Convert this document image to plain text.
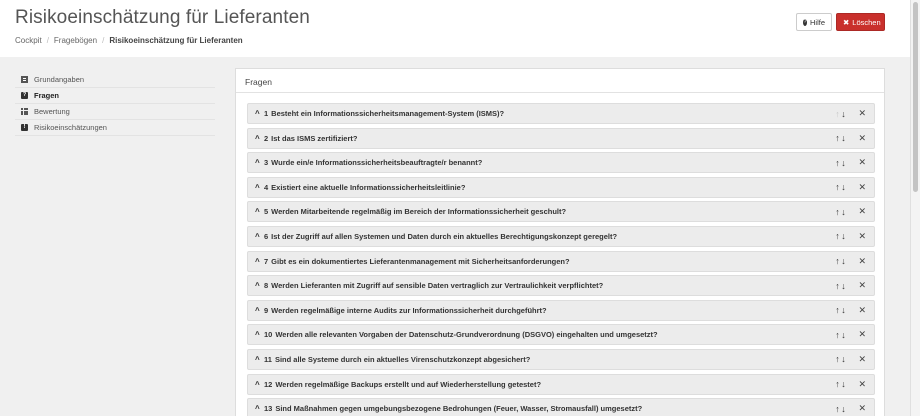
Risikoeinschätzung für Lieferanten
Cockpit / Fragebögen / Risikoeinschätzung für Lieferanten
? Hilfe ✖ Löschen
Grundangaben
? Fragen
Bewertung
!	Risikoeinschätzungen
Fragen
^ 1 Besteht ein Informationssicherheitsmanagement-System (ISMS)?	↑ ↓ ✕
^ 2 Ist das ISMS zertifiziert?	↑ ↓ ✕
^ 3 Wurde ein/e Informationssicherheitsbeauftragte/r benannt?	↑ ↓ ✕
^ 4 Existiert eine aktuelle Informationssicherheitsleitlinie?	↑ ↓ ✕
^ 5 Werden Mitarbeitende regelmäßig im Bereich der Informationssicherheit geschult?	↑ ↓ ✕
^ 6 Ist der Zugriff auf allen Systemen und Daten durch ein aktuelles Berechtigungskonzept geregelt?	↑ ↓ ✕
^ 7 Gibt es ein dokumentiertes Lieferantenmanagement mit Sicherheitsanforderungen?	↑ ↓ ✕
^ 8 Werden Lieferanten mit Zugriff auf sensible Daten vertraglich zur Vertraulichkeit verpflichtet?	↑ ↓ ✕
^ 9 Werden regelmäßige interne Audits zur Informationssicherheit durchgeführt?	↑ ↓ ✕
^ 10 Werden alle relevanten Vorgaben der Datenschutz-Grundverordnung (DSGVO) eingehalten und umgesetzt?	↑ ↓ ✕
^ 11 Sind alle Systeme durch ein aktuelles Virenschutzkonzept abgesichert?	↑ ↓ ✕
^ 12 Werden regelmäßige Backups erstellt und auf Wiederherstellung getestet?	↑ ↓ ✕
^ 13 Sind Maßnahmen gegen umgebungsbezogene Bedrohungen (Feuer, Wasser, Stromausfall) umgesetzt?	↑ ↓ ✕
